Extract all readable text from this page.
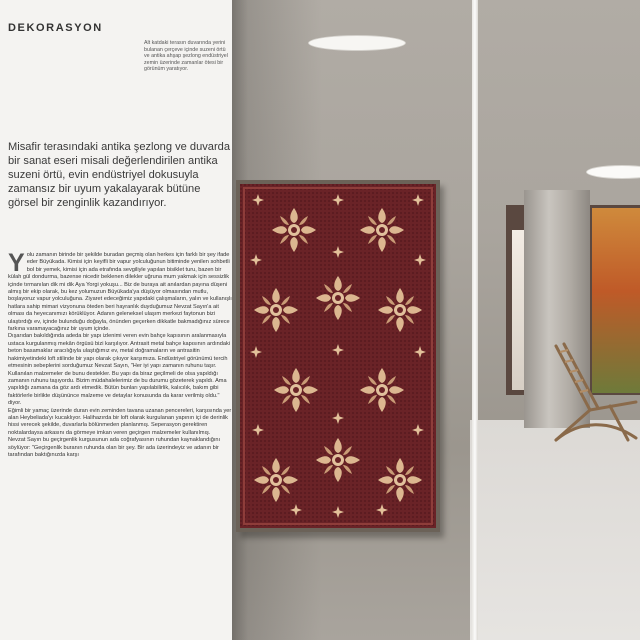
DEKORASYON

Alt katdaki terasın duvarında yerini bulanan çerçeve içinde suzeni örtü ve antika ahşap şezlong endüstriyel zemin üzerinde zamanlar ötesi bir görünüm yaratıyor.

Misafir terasındaki antika şezlong ve duvarda bir sanat eseri misali değerlendirilen antika suzeni örtü, evin endüstriyel dokusuyla zamansız bir uyum yakalayarak bütüne görsel bir zenginlik kazandırıyor.

Y olu zamanın birinde bir şekilde buradan geçmiş olan herkes için farklı bir şey ifade eder Büyükada. Kimisi için keyifli bir vapur yolculuğunun bitiminde yenilen sohbetli bol bir yemek, kimisi için ada etrafında sevgiliyle yapılan bisiklet turu, bazen bir külah gül dondurma, bazense nicedir beklenen dilekler uğruna mum yakmak için sessizlik içinde tırmanılan dik mi dik Aya Yorgi yokuşu... Biz de buraya ait anılardan payına düşeni almış bir ekip olarak, bu kez yolumuzun Büyükada'ya düşüyor olmasından mutlu, boşlayoruz vapur yolculuğuna. Ziyaret edeceğimiz yapıdaki çalışmaların, yalın ve kullanışlı hatlara sahip mimari vizyonuna öteden beri hayranlık duyduğumuz Nevzat Sayın'a ait olması da heyecanımızı körüklüyor. Adanın geleneksel ulaşım merkezi faytonun bizi ulaştırdığı ev, içinde bulunduğu doğayla, önünden geçerken dikkatle bakmadığınız sürece farkına varamayacağınız bir uyum içinde.

Dışarıdan bakıldığında adeda bir yapı izlenimi veren evin bahçe kapısının aralanmasıyla ustaca kurgulanmış mekân örgüsü bizi karşılıyor. Antrasit metal bahçe kapısının ardındaki beton basamaklar aracılığıyla ulaştığımız ev, metal doğramaların ve antrasitin hakimiyetindeki loft stilinde bir yapı olarak çıkıyor karşımıza. Endüstriyel görünümü tercih etmesinin sebeplerini sorduğumuz Nevzat Sayın, "Her iyi yapı zamanın ruhunu taşır. Kullanılan malzemeler de bunu destekler. Bu yapı da biraz geçilmeli de olsa yapıldığı zamanın ruhunu taşıyordu. Bizim müdahalelerimiz de bu durumu gözeterek yapıldı. Ama yapıldığı zamana da göz ardı etmedik. Bütün bunları yapılabilirlik, kalıcılık, bakım gibi faktörlerle birlikte düşününce malzeme ve detaylar konusunda da karar verilmiş oldu." diyor.

Eğimli bir yamaç üzerinde duran evin zeminden tavana uzanan pencereleri, karşısında yer alan Heybeliada'yı kucaklıyor. Halihazırda bir loft olarak kurgulanan yapının içi de derinlik hissi verecek şekilde, duvarlarla bölünmeden planlanmış. Seperasyon gerektiren noktalardaysa arkasını da görmeye imkan veren geçirgen malzemeler kullanılmış.

Nevzat Sayın bu geçirgenlik kurgusunun ada coğrafyasının ruhundan kaynaklandığını söylüyor: "Geçirgenlik buranın ruhunda olan bir şey. Bir ada üzerindeyiz ve adanın bir tarafından baktığınızda karşı
